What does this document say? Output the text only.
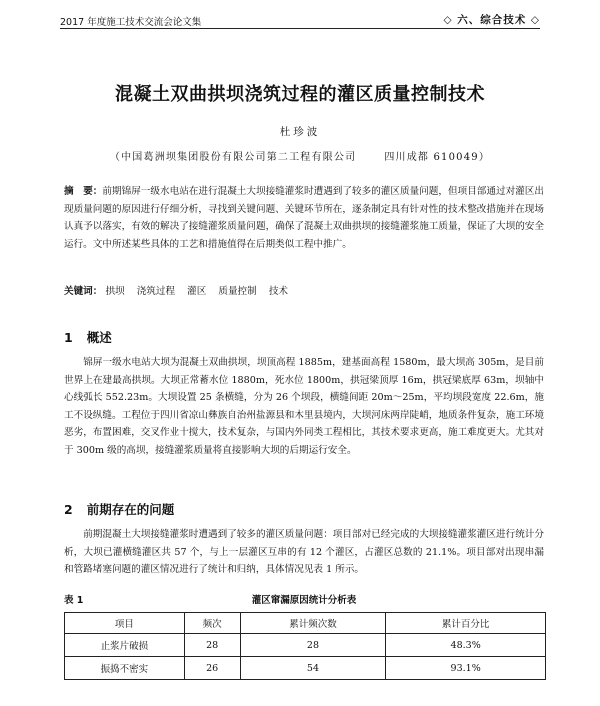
2017 年度施工技术交流会论文集	◇ 六、综合技术 ◇
混凝土双曲拱坝浇筑过程的灌区质量控制技术
杜珍波
（中国葛洲坝集团股份有限公司第二工程有限公司	四川成都 610049）
摘　要：前期锦屏一级水电站在进行混凝土大坝接缝灌浆时遭遇到了较多的灌区质量问题，但项目部通过对灌区出现质量问题的原因进行仔细分析，寻找到关键问题、关键环节所在，逐条制定具有针对性的技术整改措施并在现场认真予以落实，有效的解决了接缝灌浆质量问题，确保了混凝土双曲拱坝的接缝灌浆施工质量，保证了大坝的安全运行。文中所述某些具体的工艺和措施值得在后期类似工程中推广。
关键词： 拱坝 浇筑过程 灌区 质量控制 技术
1 概述
锦屏一级水电站大坝为混凝土双曲拱坝，坝顶高程 1885m，建基面高程 1580m，最大坝高 305m，是目前世界上在建最高拱坝。大坝正常蓄水位 1880m，死水位 1800m，拱冠梁顶厚 16m，拱冠梁底厚 63m，坝轴中心线弧长 552.23m。大坝设置 25 条横缝，分为 26 个坝段，横缝间距 20m～25m，平均坝段宽度 22.6m，施工不设纵缝。工程位于四川省凉山彝族自治州盐源县和木里县境内，大坝河床两岸陡峭，地质条件复杂，施工环境恶劣，布置困难，交叉作业十搅大，技术复杂，与国内外同类工程相比，其技术要求更高，施工难度更大。尤其对于 300m 级的高坝，接缝灌浆质量将直接影响大坝的后期运行安全。
2 前期存在的问题
前期混凝土大坝接缝灌浆时遭遇到了较多的灌区质量问题：项目部对已经完成的大坝接缝灌浆灌区进行统计分析，大坝已灌横缝灌区共 57 个，与上一层灌区互串的有 12 个灌区，占灌区总数的 21.1%。项目部对出现串漏和管路堵塞问题的灌区情况进行了统计和归纳，具体情况见表 1 所示。
表 1	灌区窜漏原因统计分析表
项目	频次	累计频次数	累计百分比
止浆片破损	28	28	48.3%
振捣不密实	26	54	93.1%
